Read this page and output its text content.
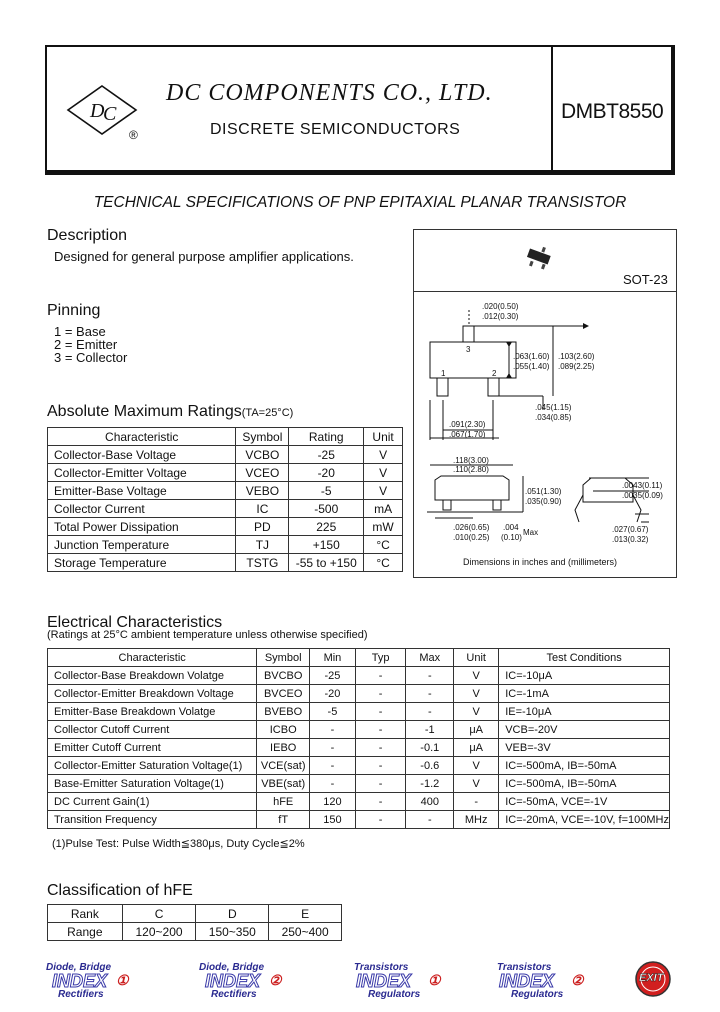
D
C
®
DC COMPONENTS CO., LTD.
DISCRETE SEMICONDUCTORS
DMBT8550
TECHNICAL SPECIFICATIONS OF PNP EPITAXIAL PLANAR TRANSISTOR
Description
Designed for general purpose amplifier applications.
SOT-23
.020(0.50)
.012(0.30)
.063(1.60)
.055(1.40)
.103(2.60)
.089(2.25)
.045(1.15)
.034(0.85)
.091(2.30)
.067(1.70)
.118(3.00)
.110(2.80)
.051(1.30)
.035(0.90)
.0043(0.11)
.0035(0.09)
.026(0.65)
.010(0.25)
.004
(0.10)
Max	.027(0.67)
.013(0.32)
1	2
3
Dimensions in inches and (millimeters)
Pinning
1 = Base
2 = Emitter
3 = Collector
Absolute Maximum Ratings(TA=25°C)
Characteristic	Symbol	Rating	Unit
Collector-Base Voltage	VCBO	-25	V
Collector-Emitter Voltage	VCEO	-20	V
Emitter-Base Voltage	VEBO	-5	V
Collector Current	IC	-500	mA
Total Power Dissipation	PD	225	mW
Junction Temperature	TJ	+150	°C
Storage Temperature	TSTG	-55 to +150	°C
Electrical Characteristics
(Ratings at 25°C ambient temperature unless otherwise specified)
Characteristic	Symbol	Min	Typ	Max	Unit	Test Conditions
Collector-Base Breakdown Volatge	BVCBO	-25	-	-	V	IC=-10μA
Collector-Emitter Breakdown Voltage	BVCEO	-20	-	-	V	IC=-1mA
Emitter-Base Breakdown Volatge	BVEBO	-5	-	-	V	IE=-10μA
Collector Cutoff Current	ICBO	-	-	-1	μA	VCB=-20V
Emitter Cutoff Current	IEBO	-	-	-0.1	μA	VEB=-3V
Collector-Emitter Saturation Voltage(1)	VCE(sat)	-	-	-0.6	V	IC=-500mA, IB=-50mA
Base-Emitter Saturation Voltage(1)	VBE(sat)	-	-	-1.2	V	IC=-500mA, IB=-50mA
DC Current Gain(1)	hFE	120	-	400	-	IC=-50mA, VCE=-1V
Transition Frequency	fT	150	-	-	MHz	IC=-20mA, VCE=-10V, f=100MHz
(1)Pulse Test: Pulse Width≦380μs, Duty Cycle≦2%
Classification of hFE
Rank	C	D	E
Range	120~200	150~350	250~400
Diode, Bridge
INDEX ①
Rectifiers
Diode, Bridge
INDEX ②
Rectifiers
Transistors
INDEX ①
Regulators
Transistors
INDEX ②
Regulators
EXIT
